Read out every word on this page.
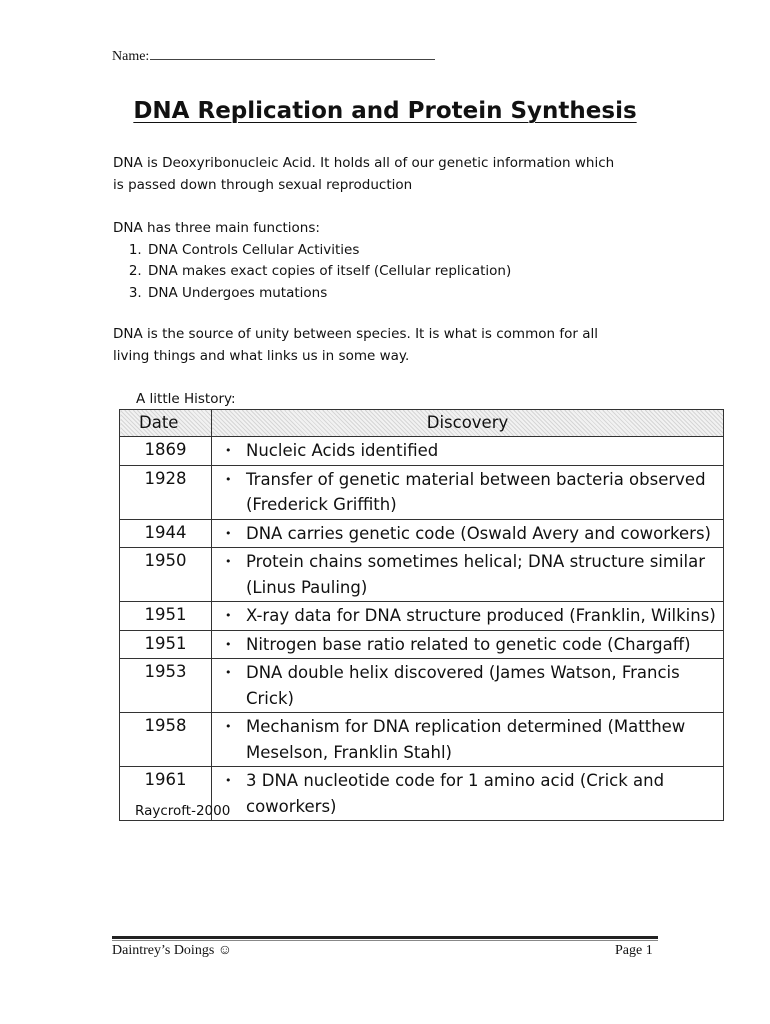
Name:
DNA Replication and Protein Synthesis
DNA is Deoxyribonucleic Acid. It holds all of our genetic information which
is passed down through sexual reproduction
DNA has three main functions:
1. DNA Controls Cellular Activities
2. DNA makes exact copies of itself (Cellular replication)
3. DNA Undergoes mutations
DNA is the source of unity between species. It is what is common for all
living things and what links us in some way.
A little History:
Date	Discovery
1869	• Nucleic Acids identified
1928	• Transfer of genetic material between bacteria observed (Frederick Griffith)
1944	• DNA carries genetic code (Oswald Avery and coworkers)
1950	• Protein chains sometimes helical; DNA structure similar (Linus Pauling)
1951	• X-ray data for DNA structure produced (Franklin, Wilkins)
1951	• Nitrogen base ratio related to genetic code (Chargaff)
1953	• DNA double helix discovered (James Watson, Francis Crick)
1958	• Mechanism for DNA replication determined (Matthew Meselson, Franklin Stahl)
1961	• 3 DNA nucleotide code for 1 amino acid (Crick and coworkers)
Raycroft-2000
Daintrey’s Doings ☺	Page 1
